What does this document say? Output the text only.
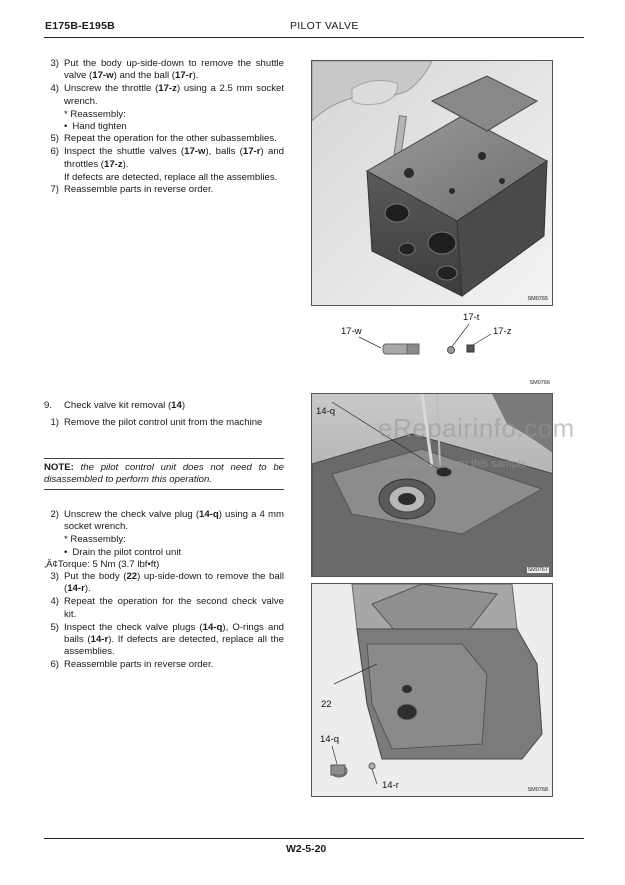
E175B-E195B	PILOT VALVE
3) Put the body up-side-down to remove the shuttle valve (17-w) and the ball (17-r).
4) Unscrew the throttle (17-z) using a 2.5 mm socket wrench.
* Reassembly:
• Hand tighten
5) Repeat the operation for the other subassemblies.
6) Inspect the shuttle valves (17-w), balls (17-r) and throttles (17-z).
If defects are detected, replace all the assemblies.
7) Reassemble parts in reverse order.
9.	Check valve kit removal (14)
1) Remove the pilot control unit from the machine
NOTE: the pilot control unit does not need to be disassembled to perform this operation.
2) Unscrew the check valve plug (14-q) using a 4 mm socket wrench.
* Reassembly:
• Drain the pilot control unit
‚Ä¢Torque: 5 Nm (3.7 lbf•ft)
3) Put the body (22) up-side-down to remove the ball (14-r).
4) Repeat the operation for the second check valve kit.
5) Inspect the check valve plugs (14-q), O-rings and balls (14-r). If defects are detected, replace all the assemblies.
6) Reassemble parts in reverse order.
SM0765
17-w
17-t
17-z
SM0766
14-q
SM0767
22
14-q
14-r	SM0768
eRepairinfo.com
watermark only on this sample
W2-5-20
